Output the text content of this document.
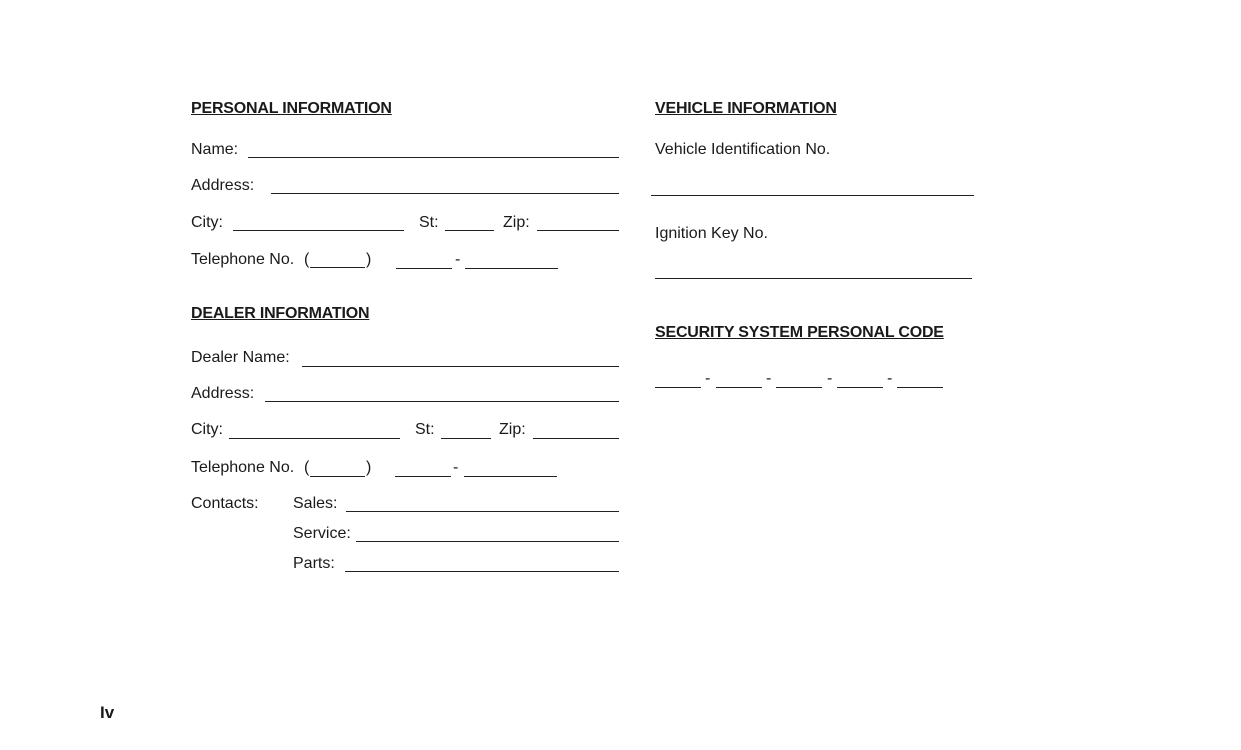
PERSONAL INFORMATION
Name:
Address:
City:	St:	Zip:
Telephone No. (	)	-
DEALER INFORMATION
Dealer Name:
Address:
City:	St:	Zip:
Telephone No. (	)	-
Contacts: Sales:
Service:
Parts:
VEHICLE INFORMATION
Vehicle Identification No.
Ignition Key No.
SECURITY SYSTEM PERSONAL CODE
-	-	-	-
Iv
